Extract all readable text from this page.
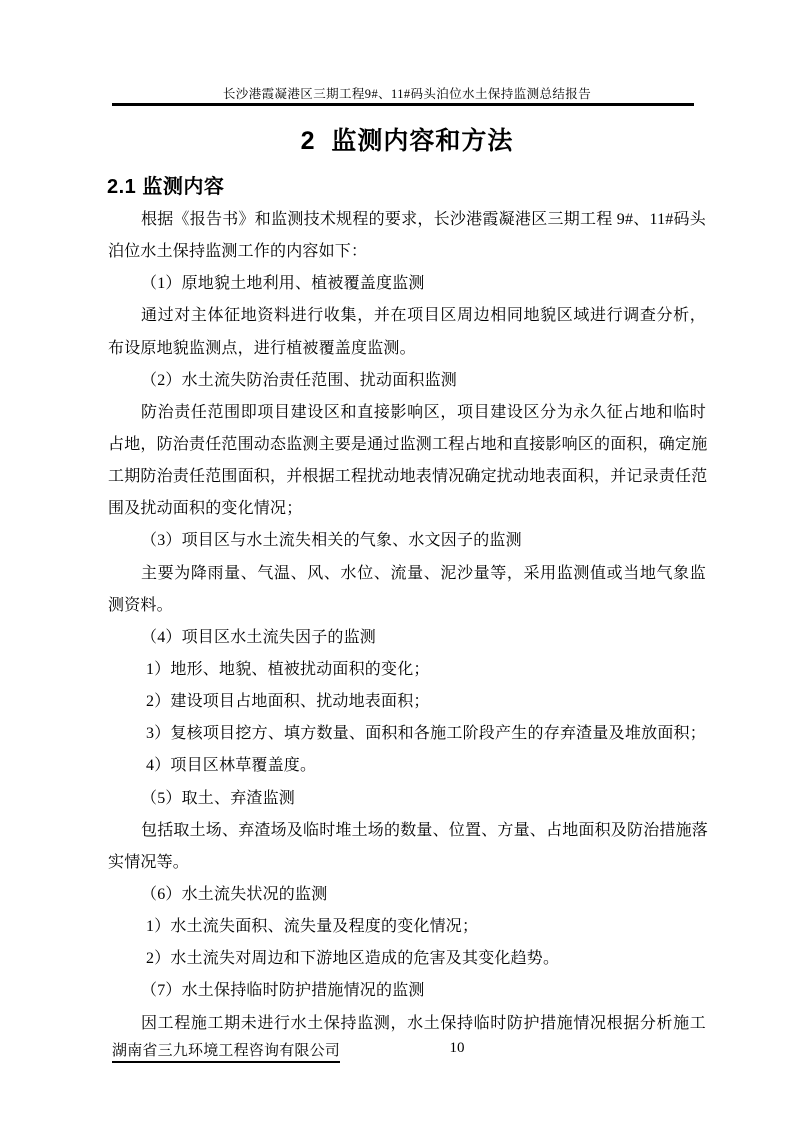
长沙港霞凝港区三期工程9#、11#码头泊位水土保持监测总结报告
2  监测内容和方法
2.1 监测内容
根据《报告书》和监测技术规程的要求，长沙港霞凝港区三期工程 9#、11#码头
泊位水土保持监测工作的内容如下：
（1）原地貌土地利用、植被覆盖度监测
通过对主体征地资料进行收集，并在项目区周边相同地貌区域进行调查分析，
布设原地貌监测点，进行植被覆盖度监测。
（2）水土流失防治责任范围、扰动面积监测
防治责任范围即项目建设区和直接影响区，项目建设区分为永久征占地和临时
占地，防治责任范围动态监测主要是通过监测工程占地和直接影响区的面积，确定施
工期防治责任范围面积，并根据工程扰动地表情况确定扰动地表面积，并记录责任范
围及扰动面积的变化情况；
（3）项目区与水土流失相关的气象、水文因子的监测
主要为降雨量、气温、风、水位、流量、泥沙量等，采用监测值或当地气象监
测资料。
（4）项目区水土流失因子的监测
1）地形、地貌、植被扰动面积的变化；
2）建设项目占地面积、扰动地表面积；
3）复核项目挖方、填方数量、面积和各施工阶段产生的存弃渣量及堆放面积；
4）项目区林草覆盖度。
（5）取土、弃渣监测
包括取土场、弃渣场及临时堆土场的数量、位置、方量、占地面积及防治措施落
实情况等。
（6）水土流失状况的监测
1）水土流失面积、流失量及程度的变化情况；
2）水土流失对周边和下游地区造成的危害及其变化趋势。
（7）水土保持临时防护措施情况的监测
因工程施工期未进行水土保持监测，水土保持临时防护措施情况根据分析施工
湖南省三九环境工程咨询有限公司	10
